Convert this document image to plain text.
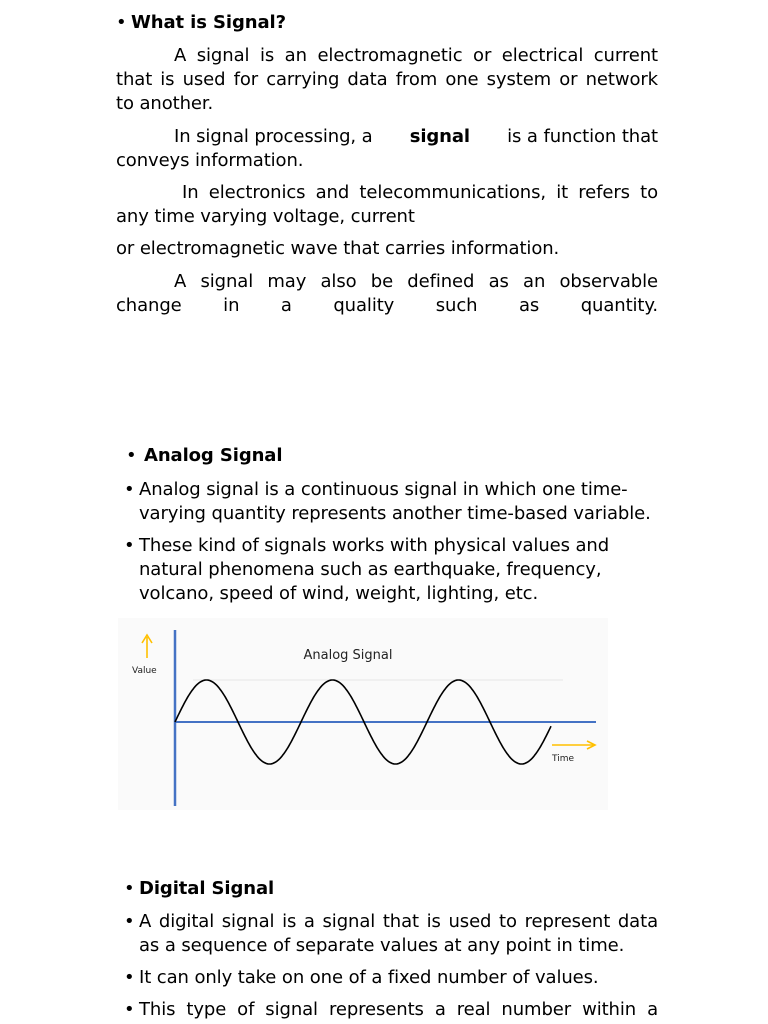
• What is Signal?
A signal is an electromagnetic or electrical current
that is used for carrying data from one system or network
to another.
In signal processing, a signal is a function that
conveys information.
In electronics and telecommunications, it refers to
any time varying voltage, current
or electromagnetic wave that carries information.
A signal may also be defined as an observable
change in a quality such as quantity.
• Analog Signal
• Analog signal is a continuous signal in which one time-
varying quantity represents another time-based variable.
• These kind of signals works with physical values and
natural phenomena such as earthquake, frequency,
volcano, speed of wind, weight, lighting, etc.
Analog Signal
Value
Time
• Digital Signal
• A digital signal is a signal that is used to represent data
as a sequence of separate values at any point in time.
• It can only take on one of a fixed number of values.
• This type of signal represents a real number within a
